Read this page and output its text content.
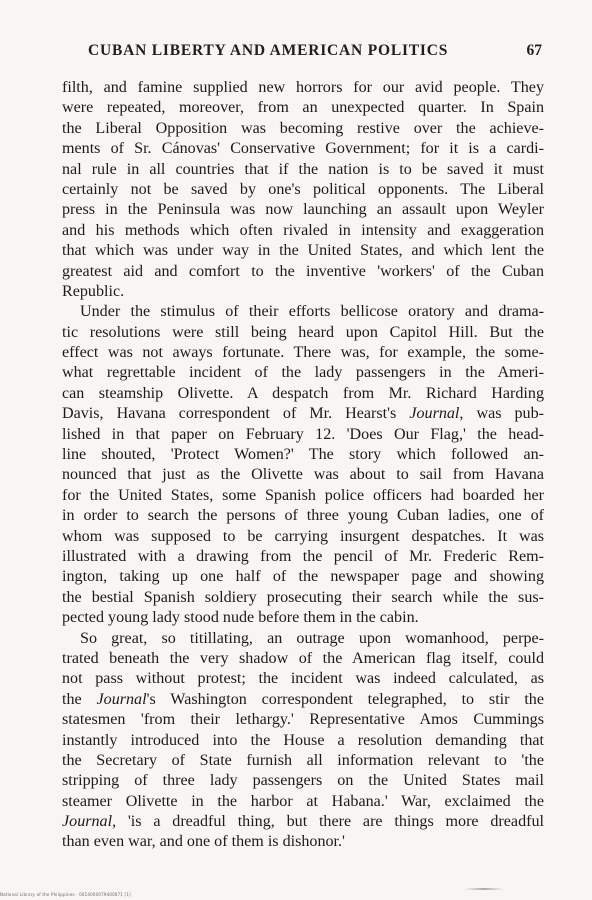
CUBAN LIBERTY AND AMERICAN POLITICS	67

filth, and famine supplied new horrors for our avid people. They
were repeated, moreover, from an unexpected quarter. In Spain
the Liberal Opposition was becoming restive over the achieve-
ments of Sr. Cánovas' Conservative Government; for it is a cardi-
nal rule in all countries that if the nation is to be saved it must
certainly not be saved by one's political opponents. The Liberal
press in the Peninsula was now launching an assault upon Weyler
and his methods which often rivaled in intensity and exaggeration
that which was under way in the United States, and which lent the
greatest aid and comfort to the inventive 'workers' of the Cuban
Republic.

Under the stimulus of their efforts bellicose oratory and drama-
tic resolutions were still being heard upon Capitol Hill. But the
effect was not aways fortunate. There was, for example, the some-
what regrettable incident of the lady passengers in the Ameri-
can steamship Olivette. A despatch from Mr. Richard Harding
Davis, Havana correspondent of Mr. Hearst's Journal, was pub-
lished in that paper on February 12. 'Does Our Flag,' the head-
line shouted, 'Protect Women?' The story which followed an-
nounced that just as the Olivette was about to sail from Havana
for the United States, some Spanish police officers had boarded her
in order to search the persons of three young Cuban ladies, one of
whom was supposed to be carrying insurgent despatches. It was
illustrated with a drawing from the pencil of Mr. Frederic Rem-
ington, taking up one half of the newspaper page and showing
the bestial Spanish soldiery prosecuting their search while the sus-
pected young lady stood nude before them in the cabin.

So great, so titillating, an outrage upon womanhood, perpe-
trated beneath the very shadow of the American flag itself, could
not pass without protest; the incident was indeed calculated, as
the Journal's Washington correspondent telegraphed, to stir the
statesmen 'from their lethargy.' Representative Amos Cummings
instantly introduced into the House a resolution demanding that
the Secretary of State furnish all information relevant to 'the
stripping of three lady passengers on the United States mail
steamer Olivette in the harbor at Habana.' War, exclaimed the
Journal, 'is a dreadful thing, but there are things more dreadful
than even war, and one of them is dishonor.'

National Library of the Philippines · 0014000079400071 [1]
